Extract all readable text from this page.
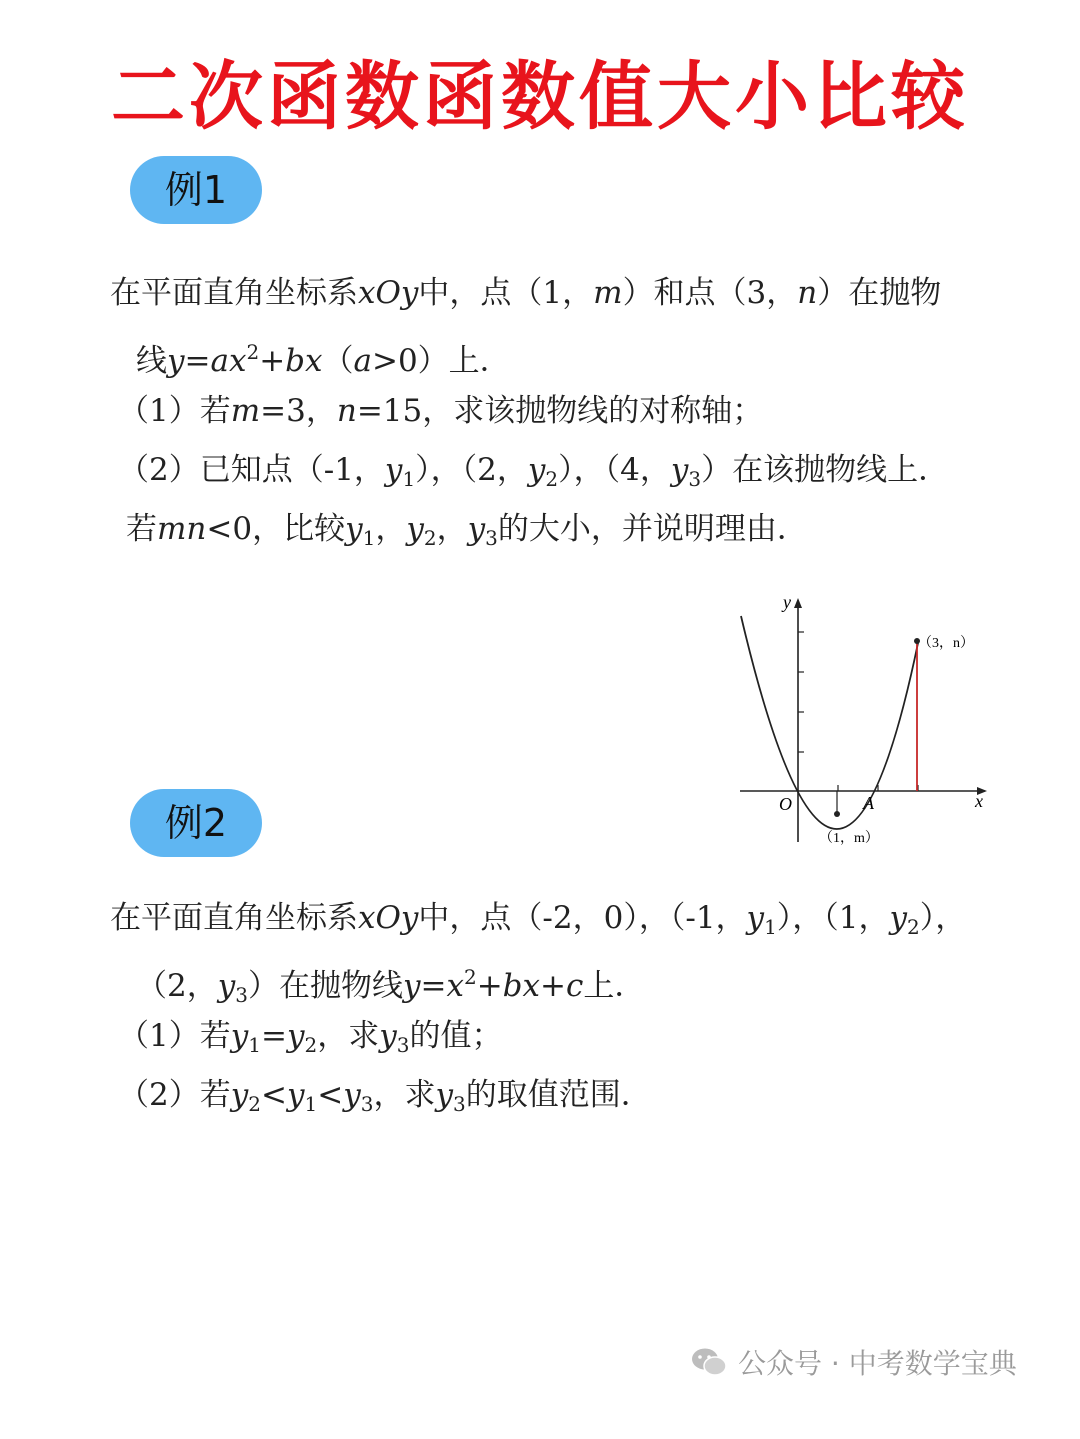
二次函数函数值大小比较
例1
在平面直角坐标系xOy中，点（1，m）和点（3，n）在抛物
线$y=ax^2+bx(a>0)$上．
（1）若m=3，n=15，求该抛物线的对称轴；
（2）已知点（-1，$y_1$），（2，$y_2$），（4，$y_3$）在该抛物线上．
若mn<0，比较$y_1$，$y_2$，$y_3$的大小，并说明理由．
y
x
O	A
（3，n）
（1，m）
例2
在平面直角坐标系xOy中，点（-2，0），（-1，$y_1$），（1，$y_2$），
（2，$y_3$）在抛物线$y=x^2+bx+c$上．
（1）若$y_1=y_2$，求$y_3$的值；
（2）若$y_2<y_1<y_3$，求$y_3$的取值范围．
公众号 · 中考数学宝典
